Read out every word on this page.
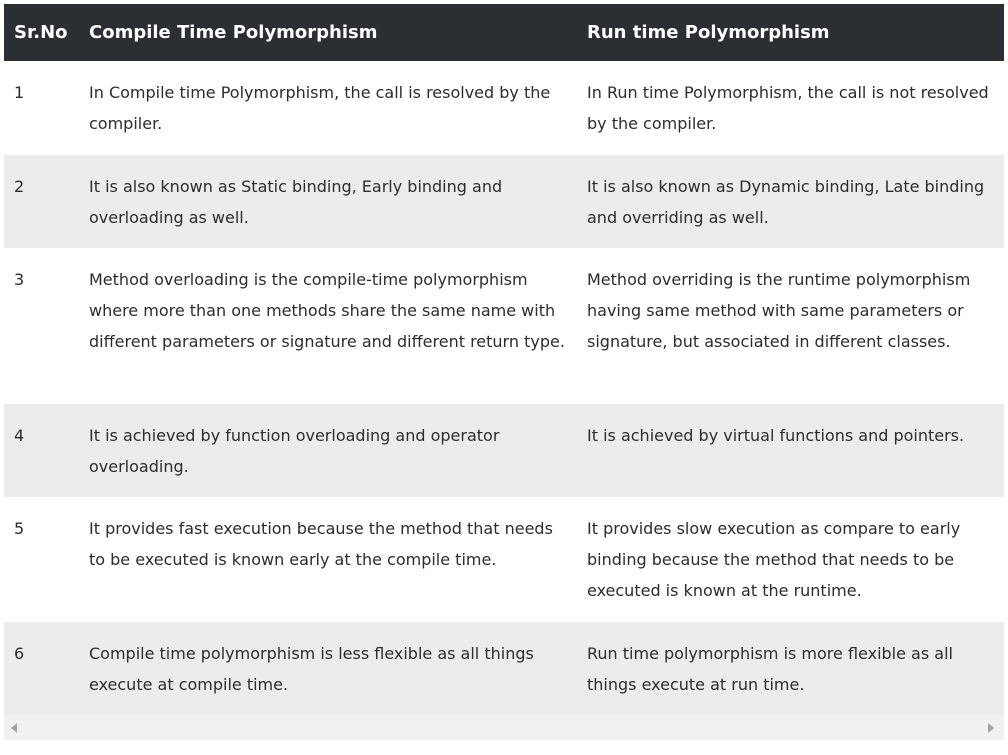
Sr.No	Compile Time Polymorphism	Run time Polymorphism
1	In Compile time Polymorphism, the call is resolved by the compiler.	In Run time Polymorphism, the call is not resolved by the compiler.
2	It is also known as Static binding, Early binding and overloading as well.	It is also known as Dynamic binding, Late binding and overriding as well.
3	Method overloading is the compile-time polymorphism where more than one methods share the same name with different parameters or signature and different return type.	Method overriding is the runtime polymorphism having same method with same parameters or signature, but associated in different classes.
4	It is achieved by function overloading and operator overloading.	It is achieved by virtual functions and pointers.
5	It provides fast execution because the method that needs to be executed is known early at the compile time.	It provides slow execution as compare to early binding because the method that needs to be executed is known at the runtime.
6	Compile time polymorphism is less flexible as all things execute at compile time.	Run time polymorphism is more flexible as all things execute at run time.
